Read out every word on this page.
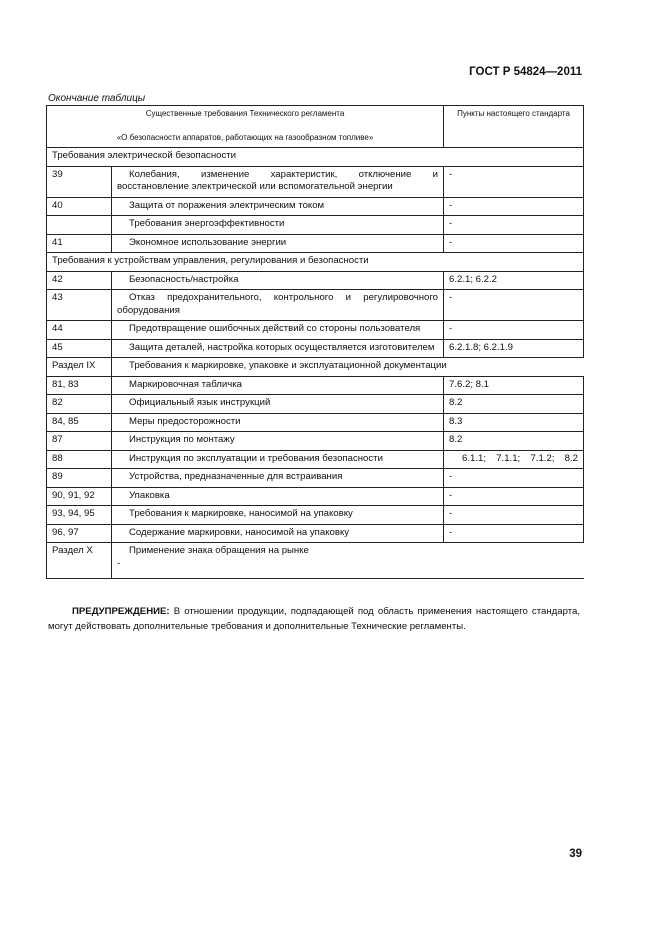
ГОСТ Р 54824—2011
Окончание таблицы
Существенные требования Технического регламента

«О безопасности аппаратов, работающих на газообразном топливе»		Пункты настоящего стандарта
Требования электрической безопасности		
39	Колебания, изменение характеристик, отключение и восстановление электрической или вспомогательной энергии	-
40	Защита от поражения электрическим током	-
	Требования энергоэффективности	-
41	Экономное использование энергии	-
Требования к устройствам управления, регулирования и безопасности		
42	Безопасность/настройка	6.2.1; 6.2.2
43	Отказ предохранительного, контрольного и регулировочного оборудования	-
44	Предотвращение ошибочных действий со стороны пользователя	-
45	Защита деталей, настройка которых осуществляется изготовителем	6.2.1.8; 6.2.1.9
Раздел IX	Требования к маркировке, упаковке и эксплуатационной документации	
81, 83	Маркировочная табличка	7.6.2; 8.1
82	Официальный язык инструкций	8.2
84, 85	Меры предосторожности	8.3
87	Инструкция по монтажу	8.2
88	Инструкция по эксплуатации и требования безопасности	6.1.1; 7.1.1; 7.1.2; 8.2
89	Устройства, предназначенные для встраивания	-
90, 91, 92	Упаковка	-
93, 94, 95	Требования к маркировке, наносимой на упаковку	-
96, 97	Содержание маркировки, наносимой на упаковку	-
Раздел X	Применение знака обращения на рынке
-	
ПРЕДУПРЕЖДЕНИЕ: В отношении продукции, подпадающей под область применения настоящего стандарта, могут действовать дополнительные требования и дополнительные Технические регламенты.
39
